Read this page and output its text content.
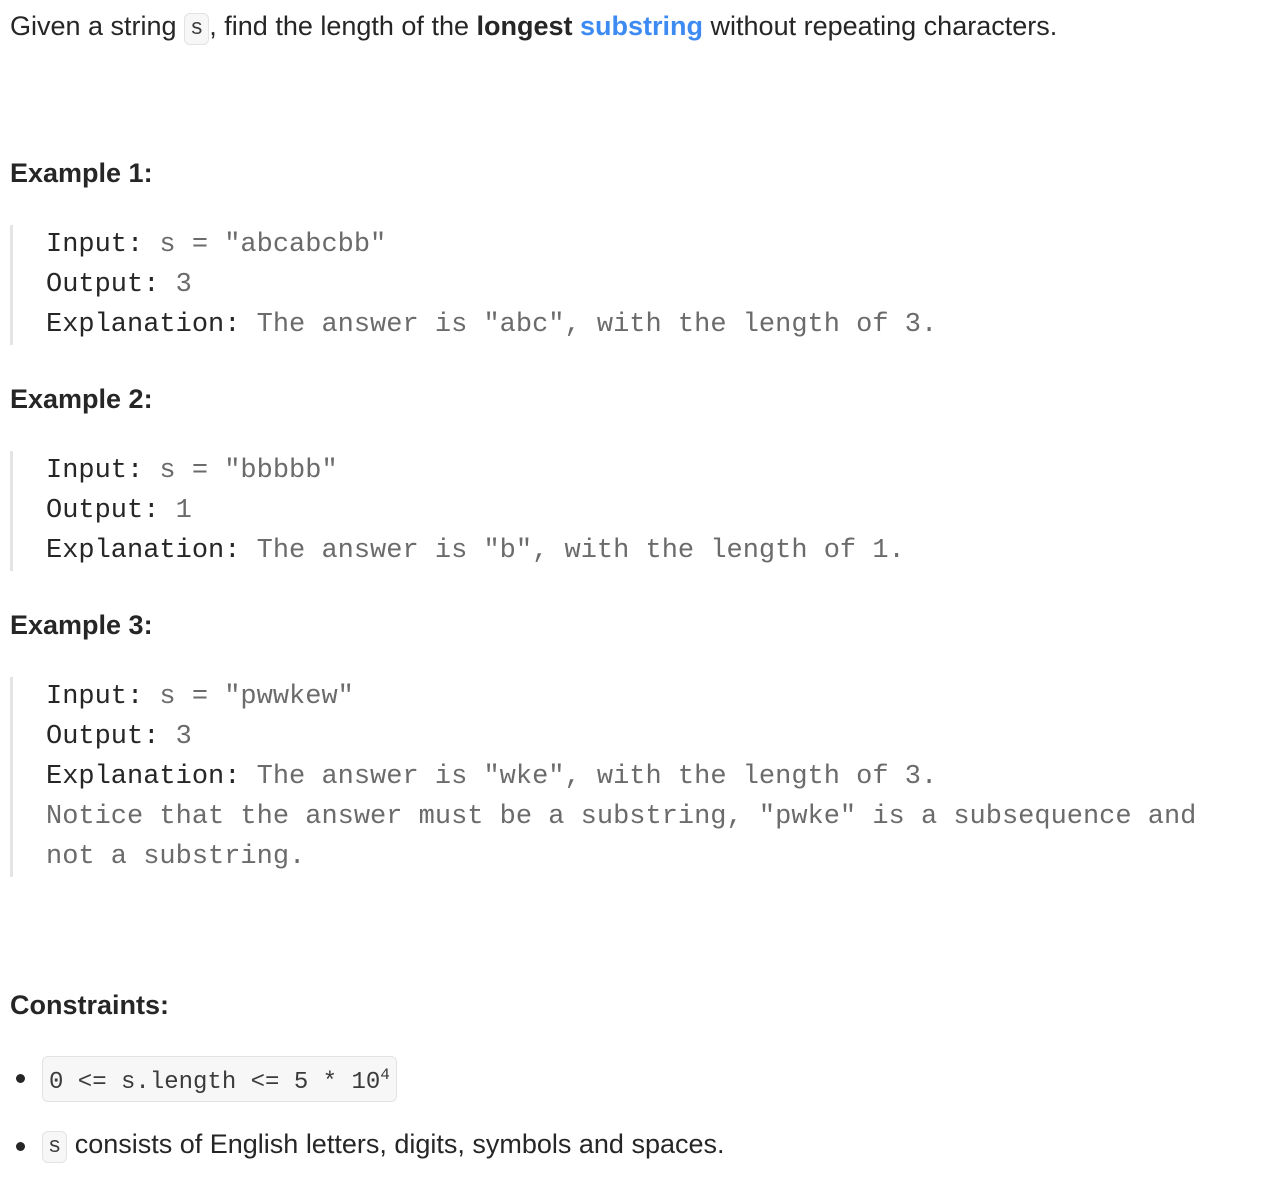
Given a string s , find the length of the longest substring without repeating characters.
Example 1:
Input: s = "abcabcbb"
Output: 3
Explanation: The answer is "abc", with the length of 3.
Example 2:
Input: s = "bbbbb"
Output: 1
Explanation: The answer is "b", with the length of 1.
Example 3:
Input: s = "pwwkew"
Output: 3
Explanation: The answer is "wke", with the length of 3.
Notice that the answer must be a substring, "pwke" is a subsequence and
not a substring.
Constraints:
0 <= s.length <= $5 * 10^4$
s consists of English letters, digits, symbols and spaces.
